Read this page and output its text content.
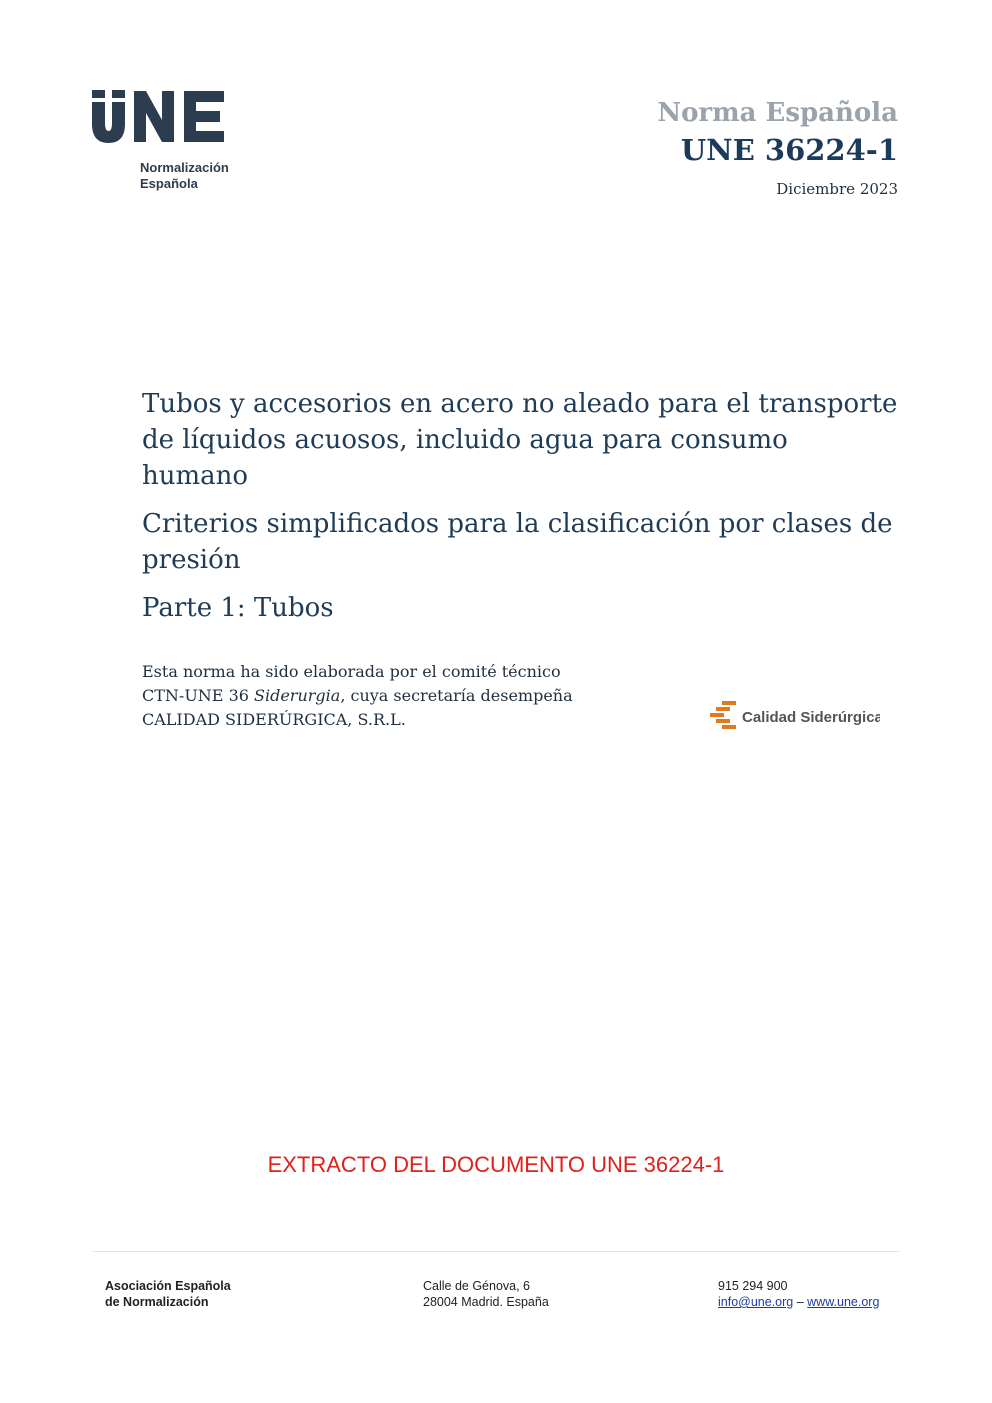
Normalización
Española
Norma Española
UNE 36224-1
Diciembre 2023

Tubos y accesorios en acero no aleado para el transporte de líquidos acuosos, incluido agua para consumo humano

Criterios simplificados para la clasificación por clases de presión

Parte 1: Tubos

Esta norma ha sido elaborada por el comité técnico
CTN-UNE 36 Siderurgia, cuya secretaría desempeña
CALIDAD SIDERÚRGICA, S.R.L.	Calidad Siderúrgica
EXTRACTO DEL DOCUMENTO UNE 36224-1
Asociación Española
de Normalización
Calle de Génova, 6
28004 Madrid. España
915 294 900
info@une.org – www.une.org
